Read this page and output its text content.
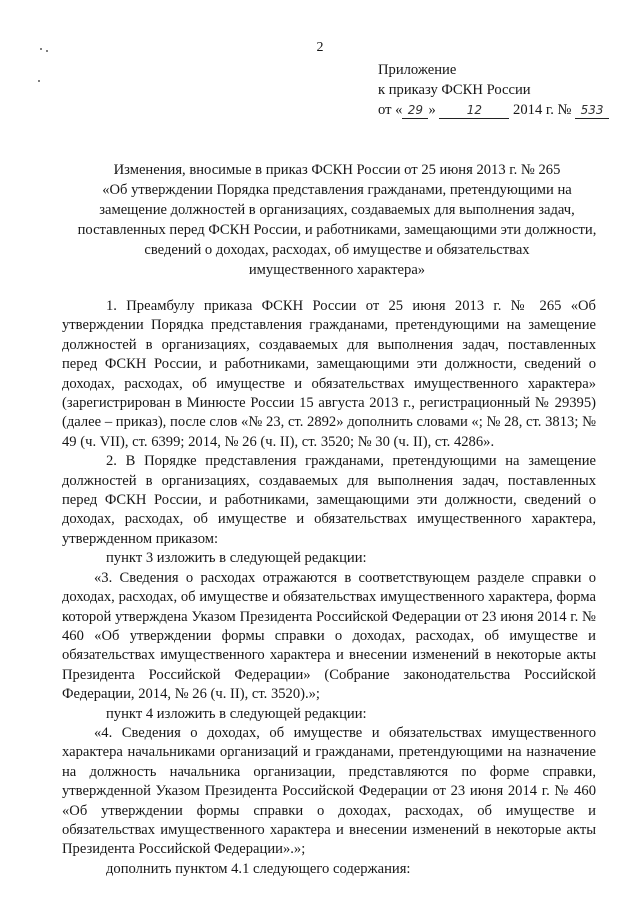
2
Приложение
к приказу ФСКН России
от « 29 »	12 2014 г. № 533
Изменения, вносимые в приказ ФСКН России от 25 июня 2013 г. № 265
«Об утверждении Порядка представления гражданами, претендующими на
замещение должностей в организациях, создаваемых для выполнения задач,
поставленных перед ФСКН России, и работниками, замещающими эти должности,
сведений о доходах, расходах, об имуществе и обязательствах
имущественного характера»

1. Преамбулу приказа ФСКН России от 25 июня 2013 г. № 265 «Об утверждении Порядка представления гражданами, претендующими на замещение должностей в организациях, создаваемых для выполнения задач, поставленных перед ФСКН России, и работниками, замещающими эти должности, сведений о доходах, расходах, об имуществе и обязательствах имущественного характера» (зарегистрирован в Минюсте России 15 августа 2013 г., регистрационный № 29395) (далее – приказ), после слов «№ 23, ст. 2892» дополнить словами «; № 28, ст. 3813; № 49 (ч. VII), ст. 6399; 2014, № 26 (ч. II), ст. 3520; № 30 (ч. II), ст. 4286».

2. В Порядке представления гражданами, претендующими на замещение должностей в организациях, создаваемых для выполнения задач, поставленных перед ФСКН России, и работниками, замещающими эти должности, сведений о доходах, расходах, об имуществе и обязательствах имущественного характера, утвержденном приказом:

пункт 3 изложить в следующей редакции:

«3. Сведения о расходах отражаются в соответствующем разделе справки о доходах, расходах, об имуществе и обязательствах имущественного характера, форма которой утверждена Указом Президента Российской Федерации от 23 июня 2014 г. № 460 «Об утверждении формы справки о доходах, расходах, об имуществе и обязательствах имущественного характера и внесении изменений в некоторые акты Президента Российской Федерации» (Собрание законодательства Российской Федерации, 2014, № 26 (ч. II), ст. 3520).»;

пункт 4 изложить в следующей редакции:

«4. Сведения о доходах, об имуществе и обязательствах имущественного характера начальниками организаций и гражданами, претендующими на назначение на должность начальника организации, представляются по форме справки, утвержденной Указом Президента Российской Федерации от 23 июня 2014 г. № 460 «Об утверждении формы справки о доходах, расходах, об имуществе и обязательствах имущественного характера и внесении изменений в некоторые акты Президента Российской Федерации».»;

дополнить пунктом 4.1 следующего содержания:
